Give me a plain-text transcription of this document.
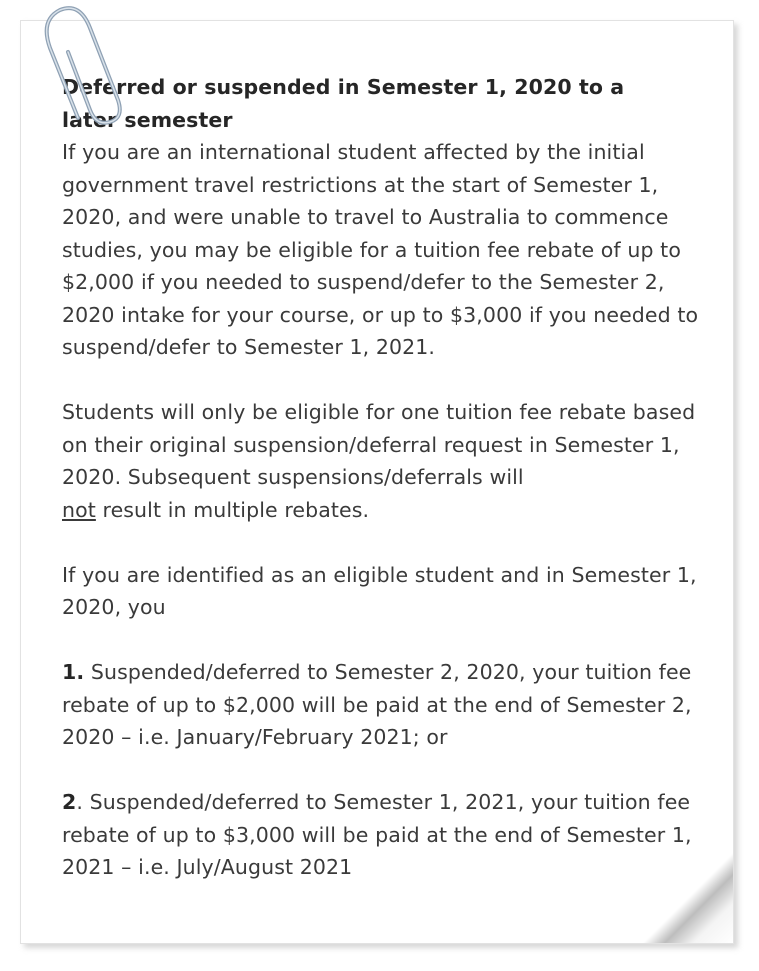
Deferred or suspended in Semester 1, 2020 to a later semester

If you are an international student affected by the initial government travel restrictions at the start of Semester 1, 2020, and were unable to travel to Australia to commence studies, you may be eligible for a tuition fee rebate of up to $2,000 if you needed to suspend/defer to the Semester 2, 2020 intake for your course, or up to $3,000 if you needed to suspend/defer to Semester 1, 2021.

Students will only be eligible for one tuition fee rebate based on their original suspension/deferral request in Semester 1, 2020. Subsequent suspensions/deferrals will
not result in multiple rebates.

If you are identified as an eligible student and in Semester 1, 2020, you

1. Suspended/deferred to Semester 2, 2020, your tuition fee rebate of up to $2,000 will be paid at the end of Semester 2, 2020 – i.e. January/February 2021; or

2. Suspended/deferred to Semester 1, 2021, your tuition fee rebate of up to $3,000 will be paid at the end of Semester 1, 2021 – i.e. July/August 2021
